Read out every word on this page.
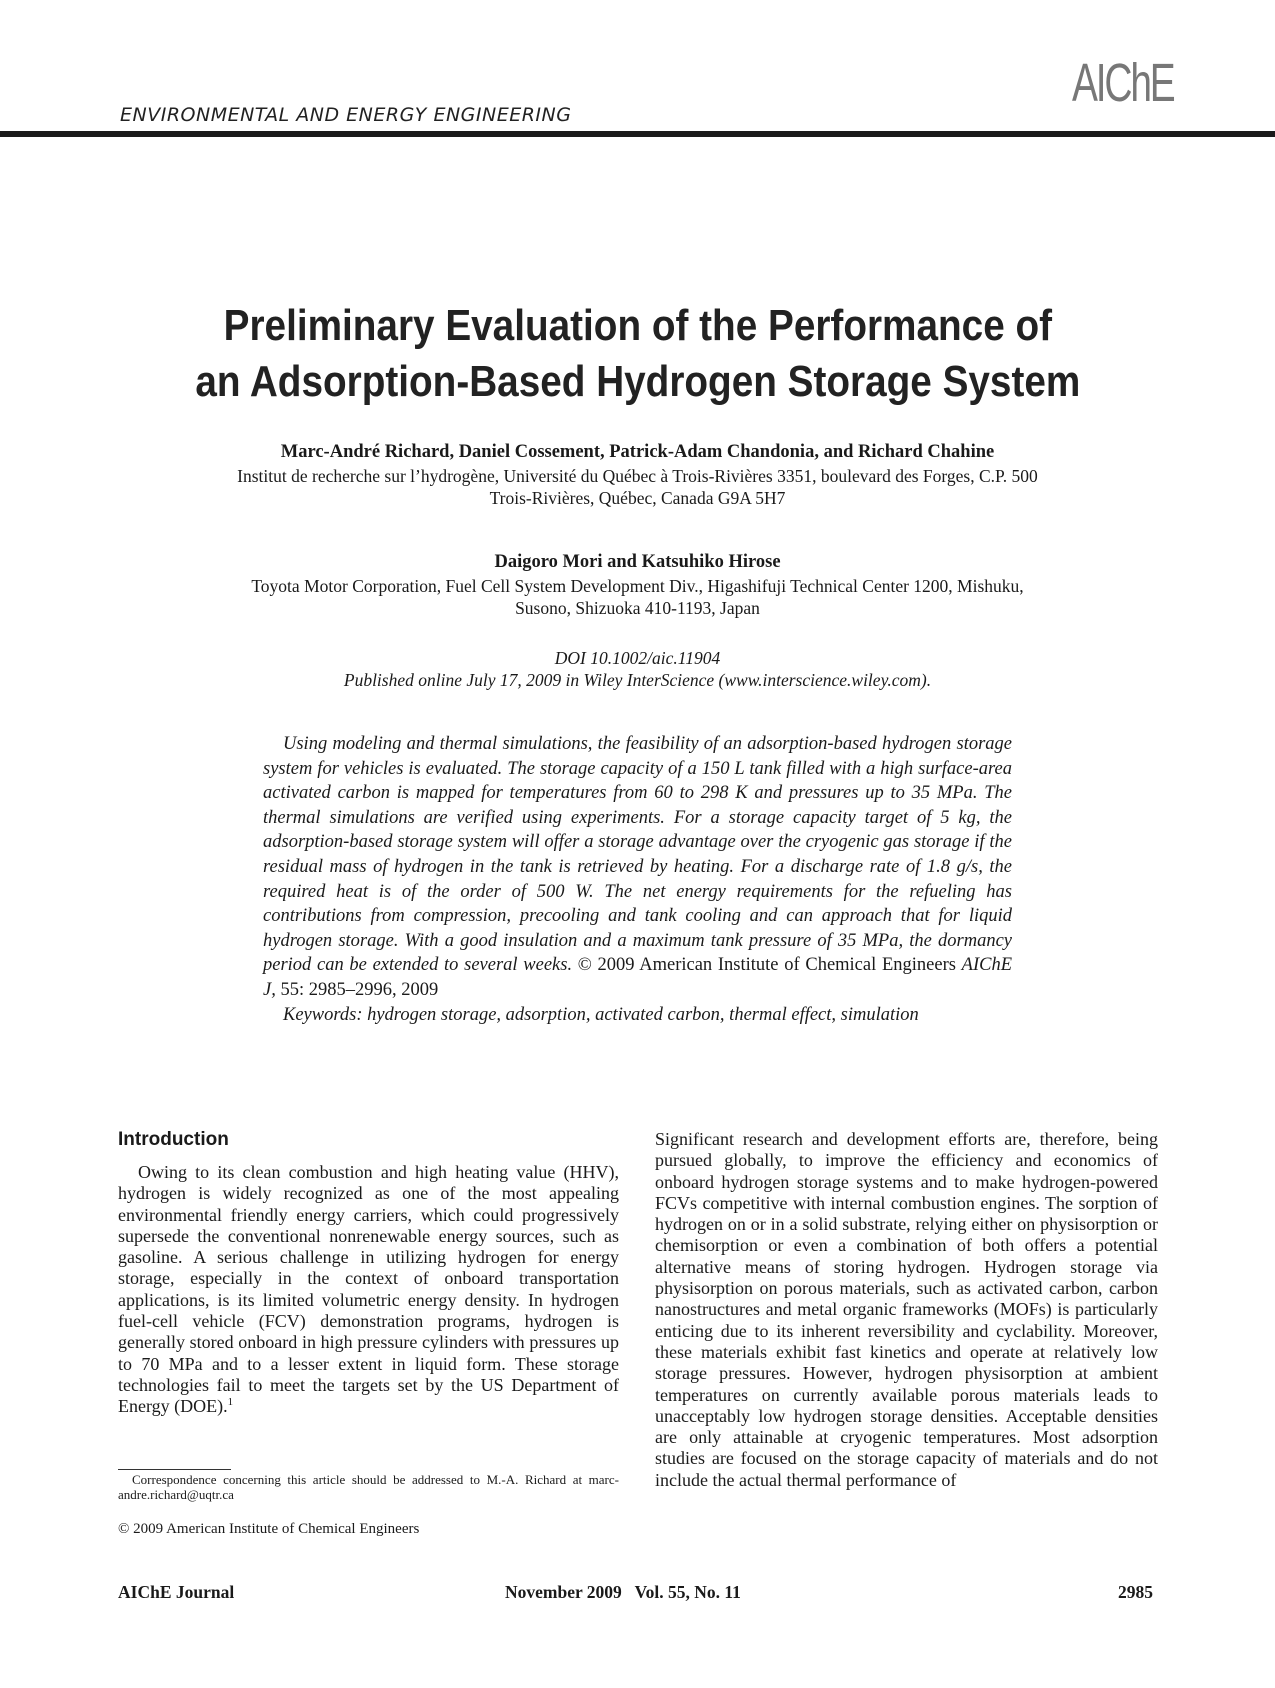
ENVIRONMENTAL AND ENERGY ENGINEERING
AIChE
Preliminary Evaluation of the Performance of
an Adsorption-Based Hydrogen Storage System
Marc-André Richard, Daniel Cossement, Patrick-Adam Chandonia, and Richard Chahine
Institut de recherche sur l’hydrogène, Université du Québec à Trois-Rivières 3351, boulevard des Forges, C.P. 500
Trois-Rivières, Québec, Canada G9A 5H7
Daigoro Mori and Katsuhiko Hirose
Toyota Motor Corporation, Fuel Cell System Development Div., Higashifuji Technical Center 1200, Mishuku,
Susono, Shizuoka 410-1193, Japan
DOI 10.1002/aic.11904
Published online July 17, 2009 in Wiley InterScience (www.interscience.wiley.com).

Using modeling and thermal simulations, the feasibility of an adsorption-based hydrogen storage system for vehicles is evaluated. The storage capacity of a 150 L tank filled with a high surface-area activated carbon is mapped for temperatures from 60 to 298 K and pressures up to 35 MPa. The thermal simulations are verified using experiments. For a storage capacity target of 5 kg, the adsorption-based storage system will offer a storage advantage over the cryogenic gas storage if the residual mass of hydrogen in the tank is retrieved by heating. For a discharge rate of 1.8 g/s, the required heat is of the order of 500 W. The net energy requirements for the refueling has contributions from compression, precooling and tank cooling and can approach that for liquid hydrogen storage. With a good insulation and a maximum tank pressure of 35 MPa, the dormancy period can be extended to several weeks. © 2009 American Institute of Chemical Engineers AIChE J, 55: 2985–2996, 2009

Keywords: hydrogen storage, adsorption, activated carbon, thermal effect, simulation

Introduction

Owing to its clean combustion and high heating value (HHV), hydrogen is widely recognized as one of the most appealing environmental friendly energy carriers, which could progressively supersede the conventional nonrenewable energy sources, such as gasoline. A serious challenge in utilizing hydrogen for energy storage, especially in the context of onboard transportation applications, is its limited volumetric energy density. In hydrogen fuel-cell vehicle (FCV) demonstration programs, hydrogen is generally stored onboard in high pressure cylinders with pressures up to 70 MPa and to a lesser extent in liquid form. These storage technologies fail to meet the targets set by the US Department of Energy (DOE).$^1$

Significant research and development efforts are, therefore, being pursued globally, to improve the efficiency and economics of onboard hydrogen storage systems and to make hydrogen-powered FCVs competitive with internal combustion engines. The sorption of hydrogen on or in a solid substrate, relying either on physisorption or chemisorption or even a combination of both offers a potential alternative means of storing hydrogen. Hydrogen storage via physisorption on porous materials, such as activated carbon, carbon nanostructures and metal organic frameworks (MOFs) is particularly enticing due to its inherent reversibility and cyclability. Moreover, these materials exhibit fast kinetics and operate at relatively low storage pressures. However, hydrogen physisorption at ambient temperatures on currently available porous materials leads to unacceptably low hydrogen storage densities. Acceptable densities are only attainable at cryogenic temperatures. Most adsorption studies are focused on the storage capacity of materials and do not include the actual thermal performance of

Correspondence concerning this article should be addressed to M.-A. Richard at marc-andre.richard@uqtr.ca

© 2009 American Institute of Chemical Engineers
AIChE Journal	November 2009   Vol. 55, No. 11	2985
